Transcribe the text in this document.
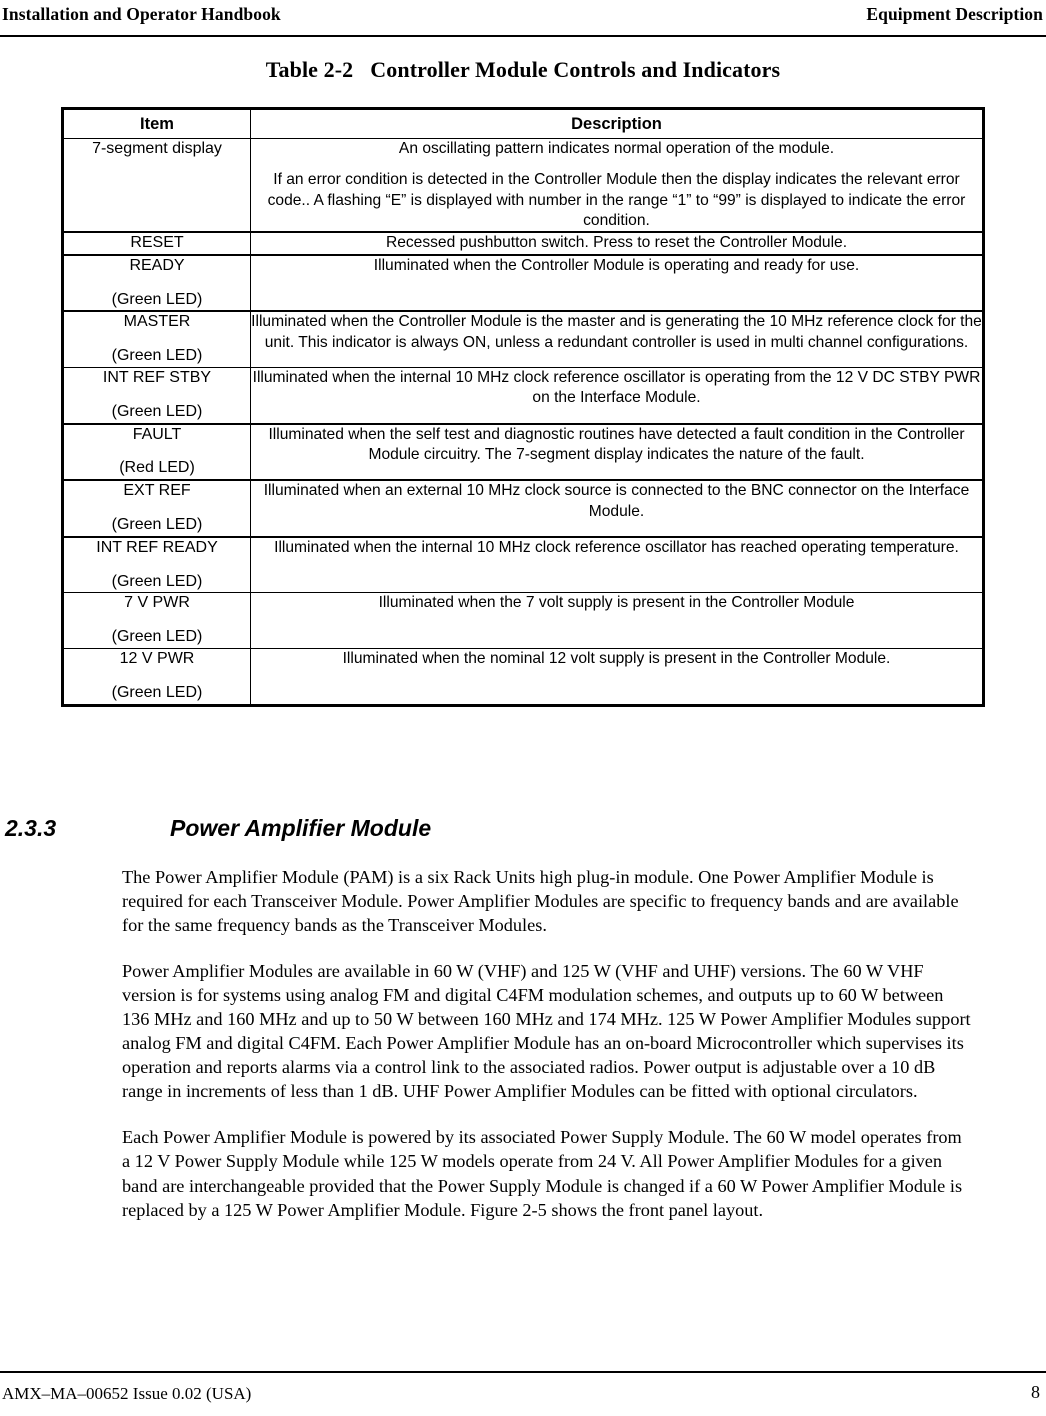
Installation and Operator Handbook	Equipment Description
Table 2-2 Controller Module Controls and Indicators
Item	Description
7-segment display	An oscillating pattern indicates normal operation of the module.

If an error condition is detected in the Controller Module then the display indicates the relevant error code.. A flashing “E” is displayed with number in the range “1” to “99” is displayed to indicate the error condition.

RESET	Recessed pushbutton switch. Press to reset the Controller Module.

READY
(Green LED)	Illuminated when the Controller Module is operating and ready for use.

MASTER
(Green LED)	Illuminated when the Controller Module is the master and is generating the 10 MHz reference clock for the unit. This indicator is always ON, unless a redundant controller is used in multi channel configurations.

INT REF STBY
(Green LED)	Illuminated when the internal 10 MHz clock reference oscillator is operating from the 12 V DC STBY PWR on the Interface Module.

FAULT
(Red LED)	Illuminated when the self test and diagnostic routines have detected a fault condition in the Controller Module circuitry. The 7-segment display indicates the nature of the fault.

EXT REF
(Green LED)	Illuminated when an external 10 MHz clock source is connected to the BNC connector on the Interface Module.

INT REF READY
(Green LED)	Illuminated when the internal 10 MHz clock reference oscillator has reached operating temperature.

7 V PWR
(Green LED)	Illuminated when the 7 volt supply is present in the Controller Module

12 V PWR
(Green LED)	Illuminated when the nominal 12 volt supply is present in the Controller Module.

2.3.3	Power Amplifier Module

The Power Amplifier Module (PAM) is a six Rack Units high plug-in module. One Power Amplifier Module is required for each Transceiver Module. Power Amplifier Modules are specific to frequency bands and are available for the same frequency bands as the Transceiver Modules.

Power Amplifier Modules are available in 60 W (VHF) and 125 W (VHF and UHF) versions. The 60 W VHF version is for systems using analog FM and digital C4FM modulation schemes, and outputs up to 60 W between 136 MHz and 160 MHz and up to 50 W between 160 MHz and 174 MHz. 125 W Power Amplifier Modules support analog FM and digital C4FM. Each Power Amplifier Module has an on-board Microcontroller which supervises its operation and reports alarms via a control link to the associated radios. Power output is adjustable over a 10 dB range in increments of less than 1 dB. UHF Power Amplifier Modules can be fitted with optional circulators.

Each Power Amplifier Module is powered by its associated Power Supply Module. The 60 W model operates from a 12 V Power Supply Module while 125 W models operate from 24 V. All Power Amplifier Modules for a given band are interchangeable provided that the Power Supply Module is changed if a 60 W Power Amplifier Module is replaced by a 125 W Power Amplifier Module. Figure 2-5 shows the front panel layout.

AMX–MA–00652 Issue 0.02 (USA)	8
